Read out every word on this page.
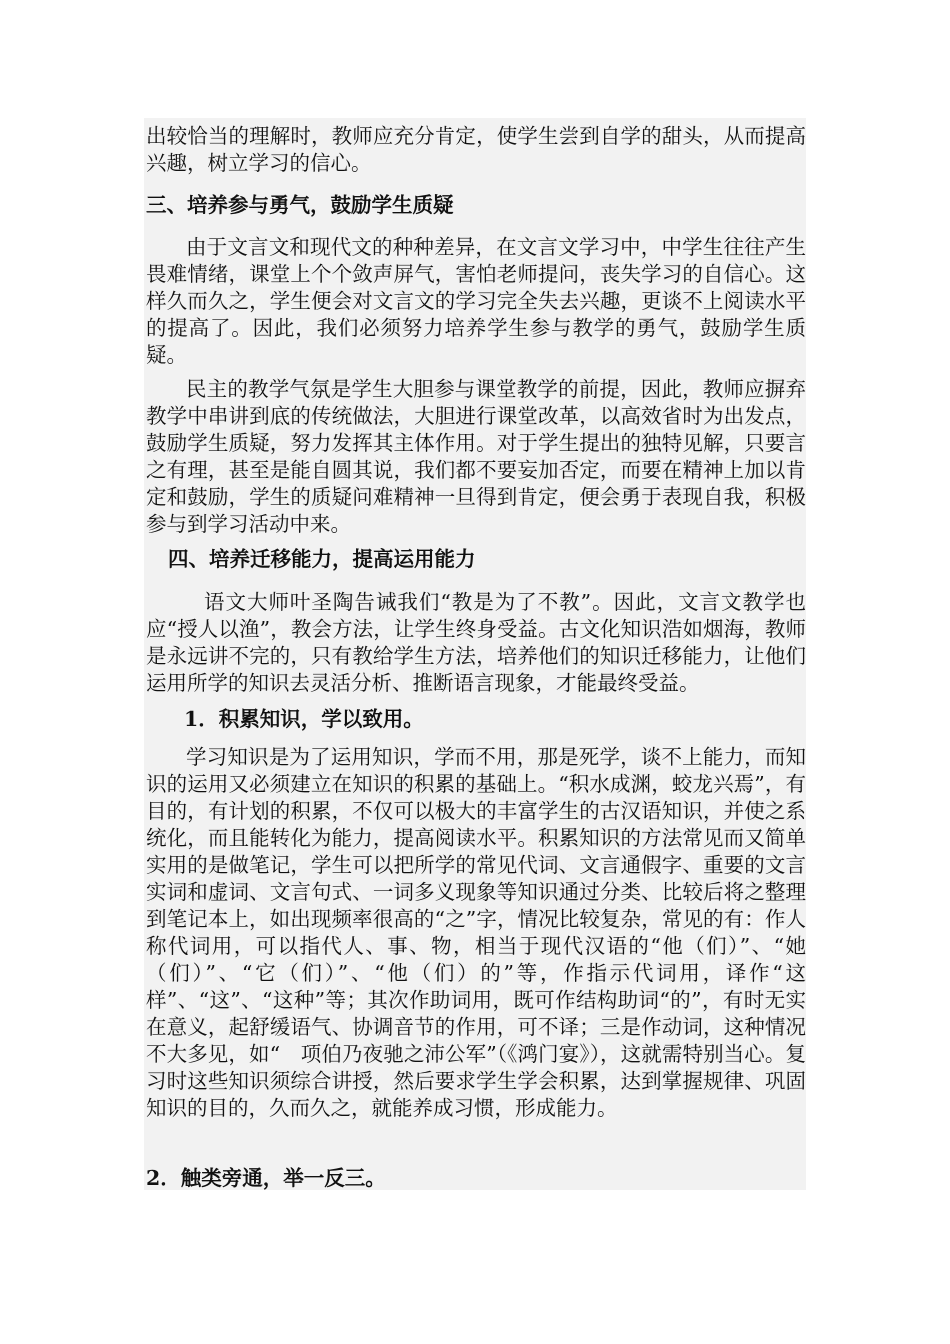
出较恰当的理解时，教师应充分肯定，使学生尝到自学的甜头，从而提高兴趣，树立学习的信心。

三、培养参与勇气，鼓励学生质疑

由于文言文和现代文的种种差异，在文言文学习中，中学生往往产生畏难情绪，课堂上个个敛声屏气，害怕老师提问，丧失学习的自信心。这样久而久之，学生便会对文言文的学习完全失去兴趣，更谈不上阅读水平的提高了。因此，我们必须努力培养学生参与教学的勇气，鼓励学生质疑。

民主的教学气氛是学生大胆参与课堂教学的前提，因此，教师应摒弃教学中串讲到底的传统做法，大胆进行课堂改革，以高效省时为出发点，鼓励学生质疑，努力发挥其主体作用。对于学生提出的独特见解，只要言之有理，甚至是能自圆其说，我们都不要妄加否定，而要在精神上加以肯定和鼓励，学生的质疑问难精神一旦得到肯定，便会勇于表现自我，积极参与到学习活动中来。

四、培养迁移能力，提高运用能力

语文大师叶圣陶告诫我们“教是为了不教”。因此，文言文教学也应“授人以渔”，教会方法，让学生终身受益。古文化知识浩如烟海，教师是永远讲不完的，只有教给学生方法，培养他们的知识迁移能力，让他们运用所学的知识去灵活分析、推断语言现象，才能最终受益。

1．积累知识，学以致用。

学习知识是为了运用知识，学而不用，那是死学，谈不上能力，而知识的运用又必须建立在知识的积累的基础上。“积水成渊，蛟龙兴焉”，有目的，有计划的积累，不仅可以极大的丰富学生的古汉语知识，并使之系统化，而且能转化为能力，提高阅读水平。积累知识的方法常见而又简单实用的是做笔记，学生可以把所学的常见代词、文言通假字、重要的文言实词和虚词、文言句式、一词多义现象等知识通过分类、比较后将之整理到笔记本上，如出现频率很高的“之”字，情况比较复杂，常见的有：作人称代词用，可以指代人、事、物，相当于现代汉语的“他（们）”、“她（们）”、“它（们）”、“他（们）的”等，作指示代词用，译作“这样”、“这”、“这种”等；其次作助词用，既可作结构助词“的”，有时无实在意义，起舒缓语气、协调音节的作用，可不译；三是作动词，这种情况不大多见，如“　项伯乃夜驰之沛公军”（《鸿门宴》），这就需特别当心。复习时这些知识须综合讲授，然后要求学生学会积累，达到掌握规律、巩固知识的目的，久而久之，就能养成习惯，形成能力。

2．触类旁通，举一反三。
